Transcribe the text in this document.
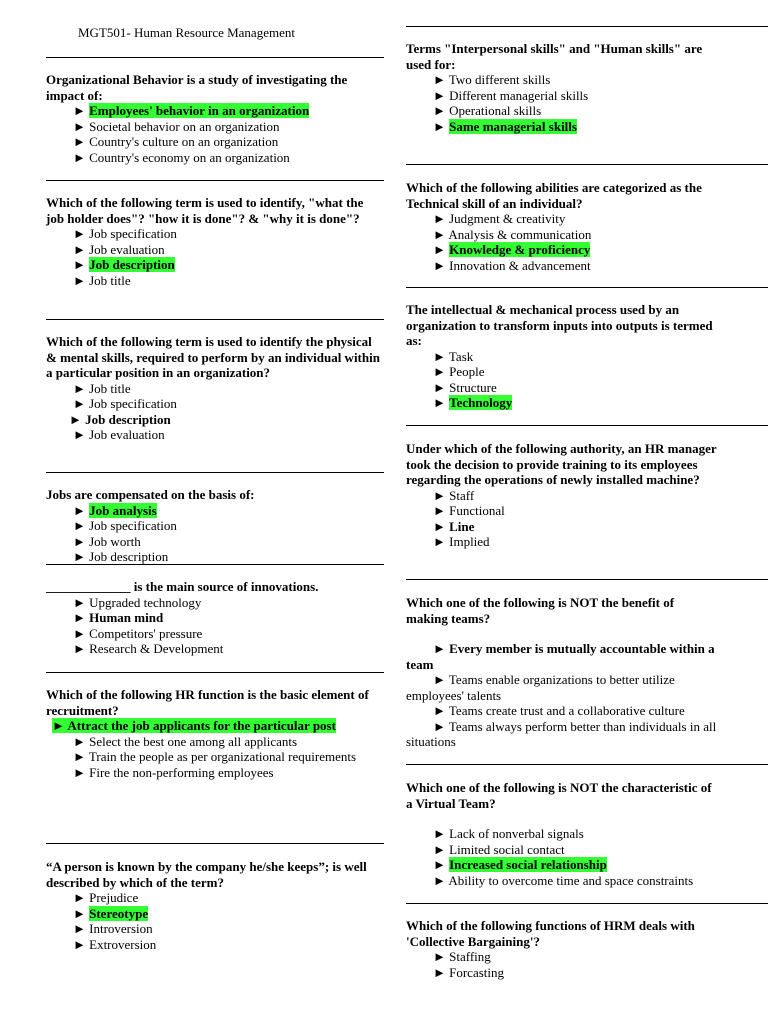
MGT501- Human Resource Management

Organizational Behavior is a study of investigating the impact of:

► Employees' behavior in an organization
► Societal behavior on an organization
► Country's culture on an organization
► Country's economy on an organization

Which of the following term is used to identify, "what the job holder does"? "how it is done"? & "why it is done"?

► Job specification
► Job evaluation
► Job description
► Job title

Which of the following term is used to identify the physical & mental skills, required to perform by an individual within a particular position in an organization?

► Job title
► Job specification
► Job description
► Job evaluation

Jobs are compensated on the basis of:

► Job analysis
► Job specification
► Job worth
► Job description

_____________ is the main source of innovations.

► Upgraded technology
► Human mind
► Competitors' pressure
► Research & Development

Which of the following HR function is the basic element of recruitment?

► Attract the job applicants for the particular post
► Select the best one among all applicants
► Train the people as per organizational requirements
► Fire the non-performing employees

“A person is known by the company he/she keeps”; is well described by which of the term?

► Prejudice
► Stereotype
► Introversion
► Extroversion

Terms "Interpersonal skills" and "Human skills" are used for:

► Two different skills
► Different managerial skills
► Operational skills
► Same managerial skills

Which of the following abilities are categorized as the Technical skill of an individual?

► Judgment & creativity
► Analysis & communication
► Knowledge & proficiency
► Innovation & advancement

The intellectual & mechanical process used by an organization to transform inputs into outputs is termed as:

► Task
► People
► Structure
► Technology

Under which of the following authority, an HR manager took the decision to provide training to its employees regarding the operations of newly installed machine?

► Staff
► Functional
► Line
► Implied

Which one of the following is NOT the benefit of making teams?

► Every member is mutually accountable within a team
► Teams enable organizations to better utilize employees' talents
► Teams create trust and a collaborative culture
► Teams always perform better than individuals in all situations

Which one of the following is NOT the characteristic of a Virtual Team?

► Lack of nonverbal signals
► Limited social contact
► Increased social relationship
► Ability to overcome time and space constraints

Which of the following functions of HRM deals with 'Collective Bargaining'?

► Staffing
► Forcasting
